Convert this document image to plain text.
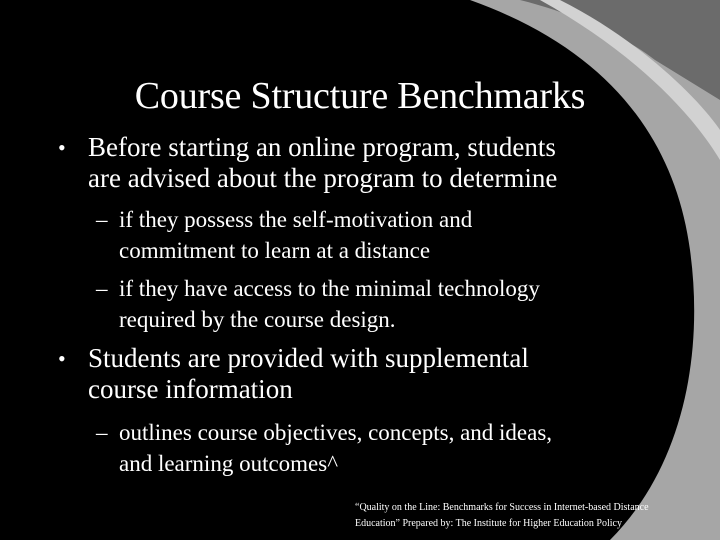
Course Structure Benchmarks
• Before starting an online program, students
are advised about the program to determine
– if they possess the self-motivation and
commitment to learn at a distance
– if they have access to the minimal technology
required by the course design.
• Students are provided with supplemental
course information
– outlines course objectives, concepts, and ideas,
and learning outcomes^
“Quality on the Line: Benchmarks for Success in Internet-based Distance
Education” Prepared by: The Institute for Higher Education Policy
